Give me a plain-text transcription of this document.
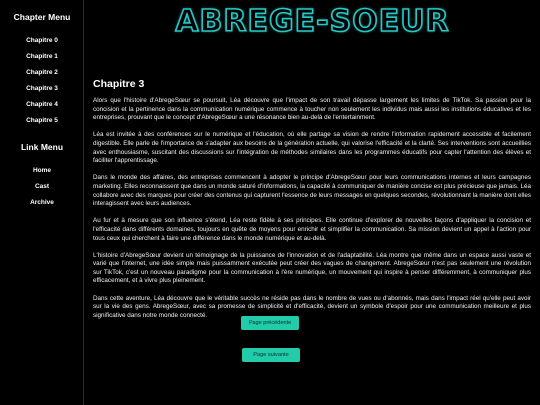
Chapter Menu
Chapitre 0
Chapitre 1
Chapitre 2
Chapitre 3
Chapitre 4
Chapitre 5
Link Menu
Home
Cast
Archive
ABREGE-SOEUR
Chapitre 3

Alors que l'histoire d'AbregeSœur se poursuit, Léa découvre que l'impact de son travail dépasse largement les limites de TikTok. Sa passion pour la concision et la pertinence dans la communication numérique commence à toucher non seulement les individus mais aussi les institutions éducatives et les entreprises, prouvant que le concept d'AbregeSœur a une résonance bien au-delà de l'entertainment.

Léa est invitée à des conférences sur le numérique et l'éducation, où elle partage sa vision de rendre l'information rapidement accessible et facilement digestible. Elle parle de l'importance de s'adapter aux besoins de la génération actuelle, qui valorise l'efficacité et la clarté. Ses interventions sont accueillies avec enthousiasme, suscitant des discussions sur l'intégration de méthodes similaires dans les programmes éducatifs pour capter l'attention des élèves et faciliter l'apprentissage.

Dans le monde des affaires, des entreprises commencent à adopter le principe d'AbregeSœur pour leurs communications internes et leurs campagnes marketing. Elles reconnaissent que dans un monde saturé d'informations, la capacité à communiquer de manière concise est plus précieuse que jamais. Léa collabore avec des marques pour créer des contenus qui capturent l'essence de leurs messages en quelques secondes, révolutionnant la manière dont elles interagissent avec leurs audiences.

Au fur et à mesure que son influence s'étend, Léa reste fidèle à ses principes. Elle continue d'explorer de nouvelles façons d'appliquer la concision et l'efficacité dans différents domaines, toujours en quête de moyens pour enrichir et simplifier la communication. Sa mission devient un appel à l'action pour tous ceux qui cherchent à faire une différence dans le monde numérique et au-delà.

L'histoire d'AbregeSœur devient un témoignage de la puissance de l'innovation et de l'adaptabilité. Léa montre que même dans un espace aussi vaste et varié que l'internet, une idée simple mais puissamment exécutée peut créer des vagues de changement. AbregeSœur n'est pas seulement une révolution sur TikTok, c'est un nouveau paradigme pour la communication à l'ère numérique, un mouvement qui inspire à penser différemment, à communiquer plus efficacement, et à vivre plus pleinement.

Dans cette aventure, Léa découvre que le véritable succès ne réside pas dans le nombre de vues ou d'abonnés, mais dans l'impact réel qu'elle peut avoir sur la vie des gens. AbregeSœur, avec sa promesse de simplicité et d'efficacité, devient un symbole d'espoir pour une communication meilleure et plus significative dans notre monde connecté.

Page précédente
Page suivante
